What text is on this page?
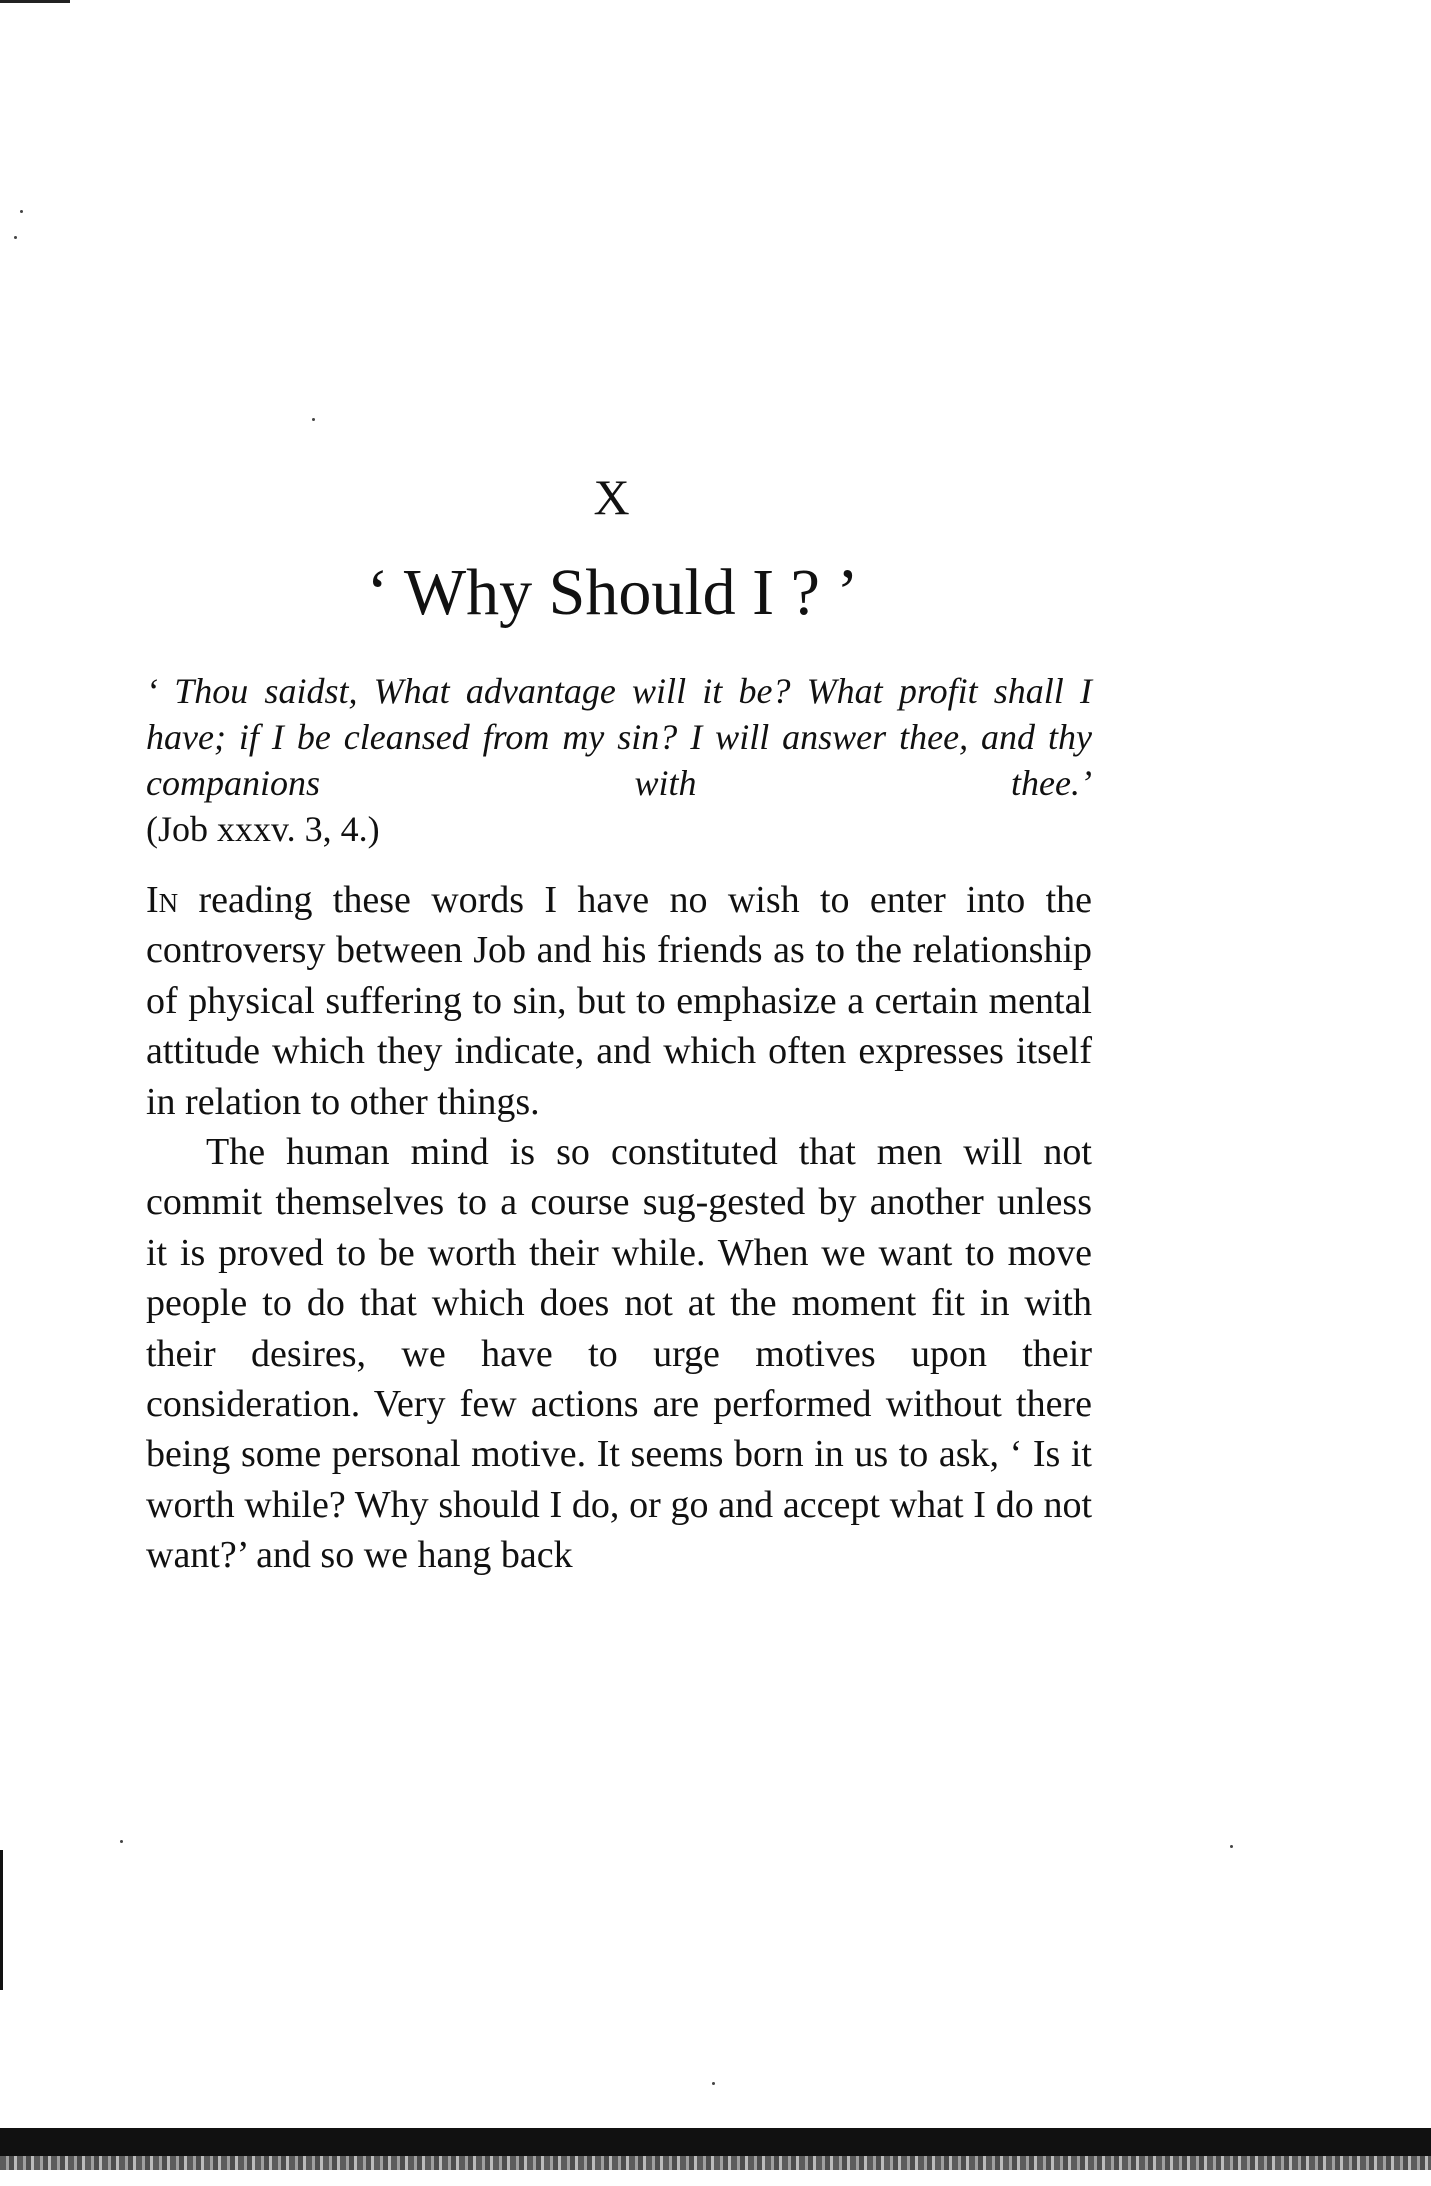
X
‘ Why Should I ? ’
‘ Thou saidst, What advantage will it be? What profit shall I have; if I be cleansed from my sin? I will answer thee, and thy companions with thee.’
(Job xxxv. 3, 4.)

In reading these words I have no wish to enter into the controversy between Job and his friends as to the relationship of physical suffering to sin, but to emphasize a certain mental attitude which they indicate, and which often expresses itself in relation to other things.

The human mind is so constituted that men will not commit themselves to a course sug-gested by another unless it is proved to be worth their while. When we want to move people to do that which does not at the moment fit in with their desires, we have to urge motives upon their consideration. Very few actions are performed without there being some personal motive. It seems born in us to ask, ‘ Is it worth while? Why should I do, or go and accept what I do not want?’ and so we hang back
